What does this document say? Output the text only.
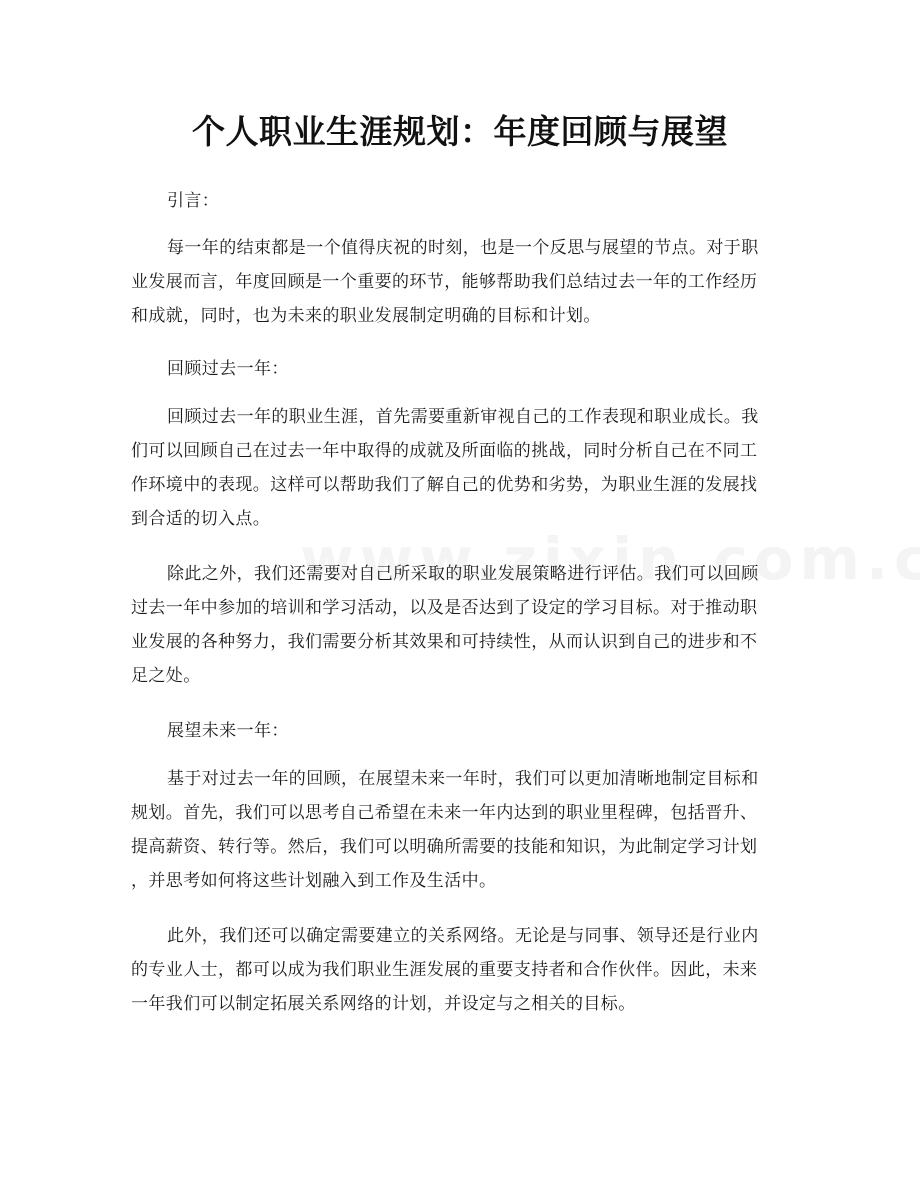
个人职业生涯规划：年度回顾与展望
引言：
每一年的结束都是一个值得庆祝的时刻，也是一个反思与展望的节点。对于职
业发展而言，年度回顾是一个重要的环节，能够帮助我们总结过去一年的工作经历
和成就，同时，也为未来的职业发展制定明确的目标和计划。
回顾过去一年：
回顾过去一年的职业生涯，首先需要重新审视自己的工作表现和职业成长。我
们可以回顾自己在过去一年中取得的成就及所面临的挑战，同时分析自己在不同工
作环境中的表现。这样可以帮助我们了解自己的优势和劣势，为职业生涯的发展找
到合适的切入点。
除此之外，我们还需要对自己所采取的职业发展策略进行评估。我们可以回顾
过去一年中参加的培训和学习活动，以及是否达到了设定的学习目标。对于推动职
业发展的各种努力，我们需要分析其效果和可持续性，从而认识到自己的进步和不
足之处。
展望未来一年：
基于对过去一年的回顾，在展望未来一年时，我们可以更加清晰地制定目标和
规划。首先，我们可以思考自己希望在未来一年内达到的职业里程碑，包括晋升、
提高薪资、转行等。然后，我们可以明确所需要的技能和知识，为此制定学习计划
，并思考如何将这些计划融入到工作及生活中。
此外，我们还可以确定需要建立的关系网络。无论是与同事、领导还是行业内
的专业人士，都可以成为我们职业生涯发展的重要支持者和合作伙伴。因此，未来
一年我们可以制定拓展关系网络的计划，并设定与之相关的目标。
